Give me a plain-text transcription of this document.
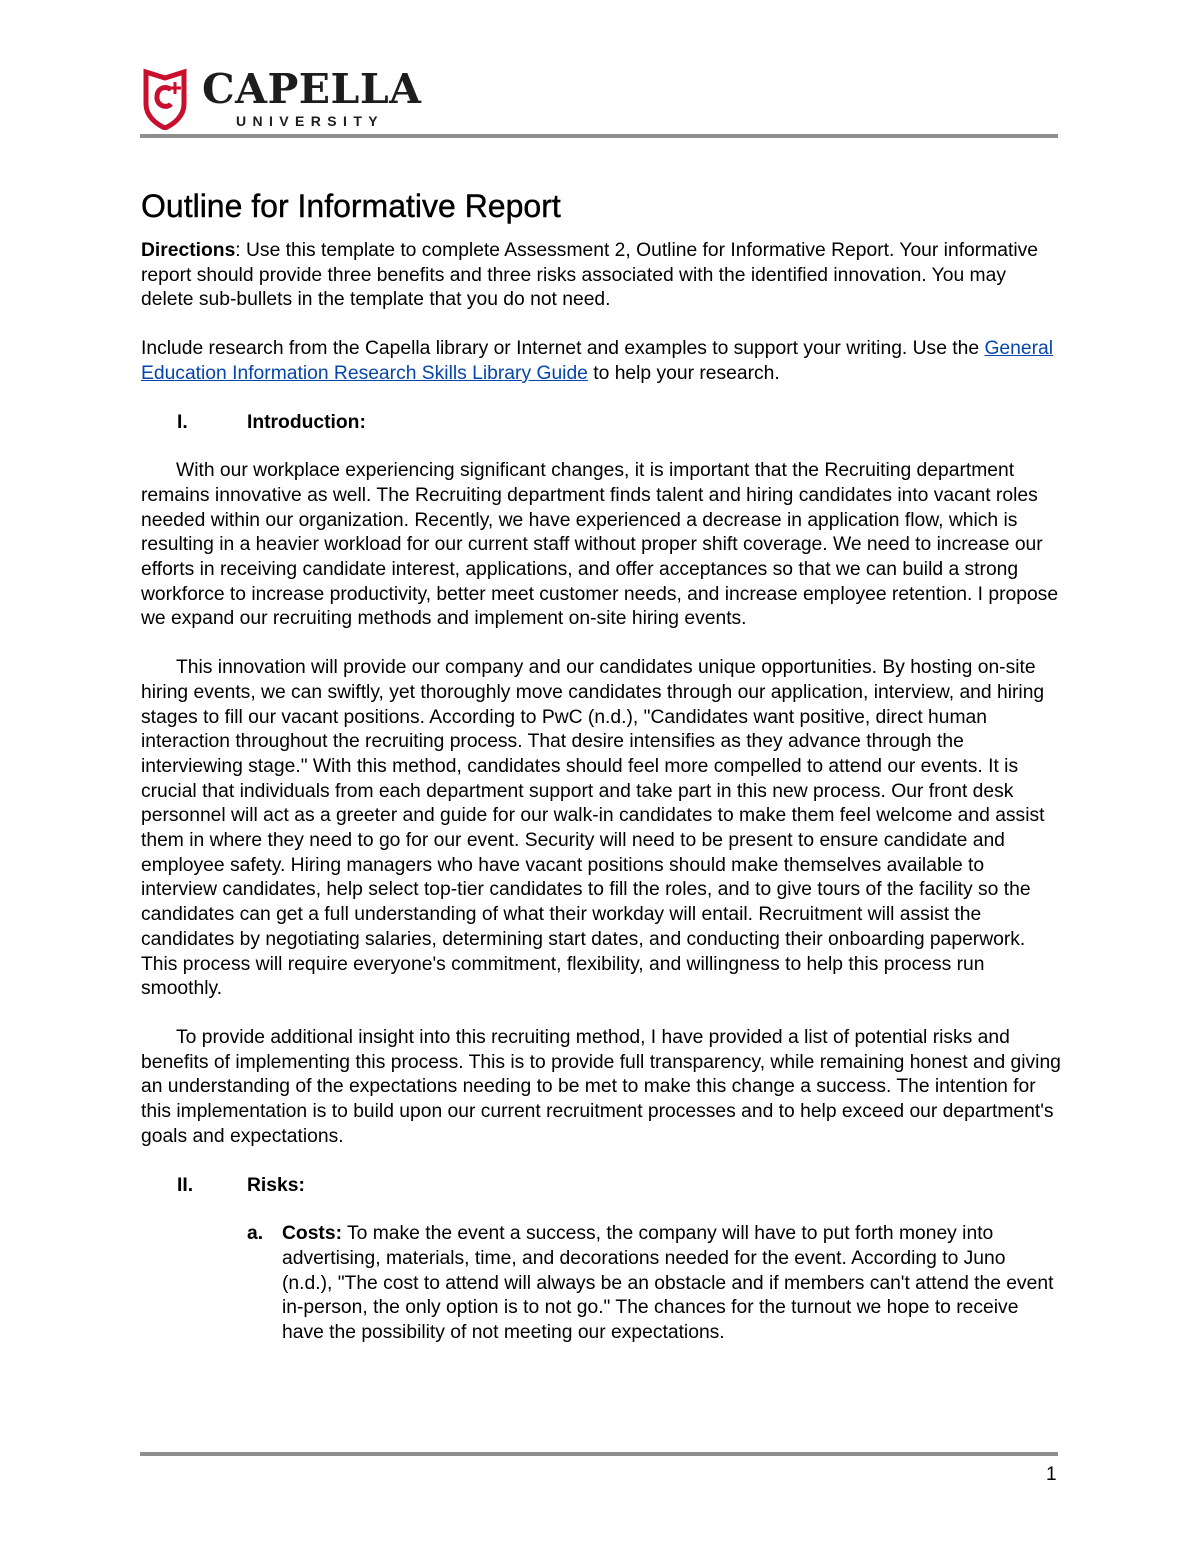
CAPELLA
UNIVERSITY
Outline for Informative Report

Directions: Use this template to complete Assessment 2, Outline for Informative Report. Your informative report should provide three benefits and three risks associated with the identified innovation. You may delete sub-bullets in the template that you do not need.

Include research from the Capella library or Internet and examples to support your writing. Use the General Education Information Research Skills Library Guide to help your research.

I.	Introduction:

With our workplace experiencing significant changes, it is important that the Recruiting department remains innovative as well. The Recruiting department finds talent and hiring candidates into vacant roles needed within our organization. Recently, we have experienced a decrease in application flow, which is resulting in a heavier workload for our current staff without proper shift coverage. We need to increase our efforts in receiving candidate interest, applications, and offer acceptances so that we can build a strong workforce to increase productivity, better meet customer needs, and increase employee retention. I propose we expand our recruiting methods and implement on-site hiring events.

This innovation will provide our company and our candidates unique opportunities. By hosting on-site hiring events, we can swiftly, yet thoroughly move candidates through our application, interview, and hiring stages to fill our vacant positions. According to PwC (n.d.), "Candidates want positive, direct human interaction throughout the recruiting process. That desire intensifies as they advance through the interviewing stage." With this method, candidates should feel more compelled to attend our events. It is crucial that individuals from each department support and take part in this new process. Our front desk personnel will act as a greeter and guide for our walk-in candidates to make them feel welcome and assist them in where they need to go for our event. Security will need to be present to ensure candidate and employee safety. Hiring managers who have vacant positions should make themselves available to interview candidates, help select top-tier candidates to fill the roles, and to give tours of the facility so the candidates can get a full understanding of what their workday will entail. Recruitment will assist the candidates by negotiating salaries, determining start dates, and conducting their onboarding paperwork. This process will require everyone's commitment, flexibility, and willingness to help this process run smoothly.

To provide additional insight into this recruiting method, I have provided a list of potential risks and benefits of implementing this process. This is to provide full transparency, while remaining honest and giving an understanding of the expectations needing to be met to make this change a success. The intention for this implementation is to build upon our current recruitment processes and to help exceed our department's goals and expectations.

II.	Risks:
a. Costs: To make the event a success, the company will have to put forth money into advertising, materials, time, and decorations needed for the event. According to Juno (n.d.), "The cost to attend will always be an obstacle and if members can't attend the event in-person, the only option is to not go." The chances for the turnout we hope to receive have the possibility of not meeting our expectations.
1
